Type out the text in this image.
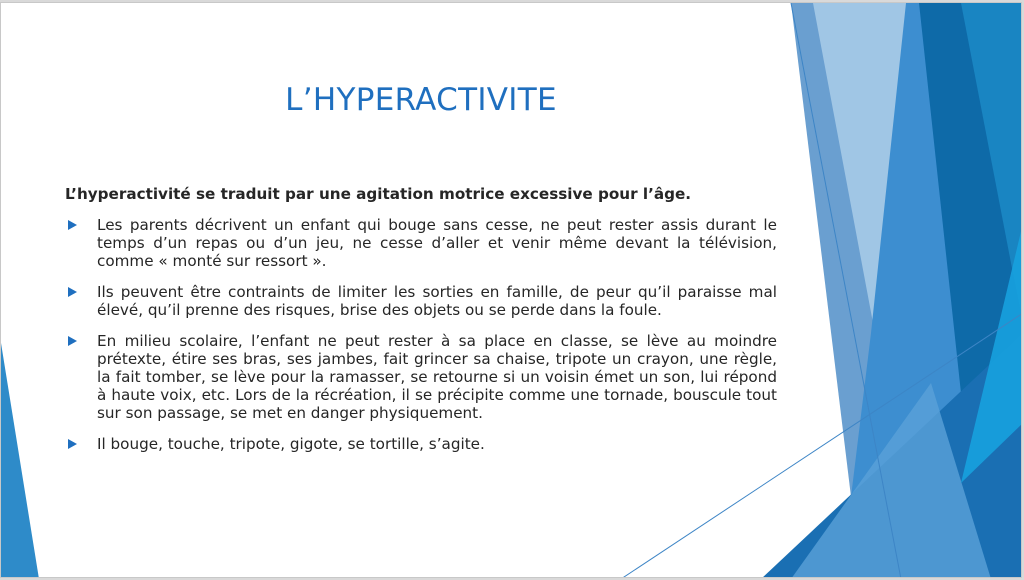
L’HYPERACTIVITE

L’hyperactivité se traduit par une agitation motrice excessive pour l’âge.

Les parents décrivent un enfant qui bouge sans cesse, ne peut rester assis durant le temps d’un repas ou d’un jeu, ne cesse d’aller et venir même devant la télévision, comme « monté sur ressort ».
Ils peuvent être contraints de limiter les sorties en famille, de peur qu’il paraisse mal élevé, qu’il prenne des risques, brise des objets ou se perde dans la foule.
En milieu scolaire, l’enfant ne peut rester à sa place en classe, se lève au moindre prétexte, étire ses bras, ses jambes, fait grincer sa chaise, tripote un crayon, une règle, la fait tomber, se lève pour la ramasser, se retourne si un voisin émet un son, lui répond à haute voix, etc. Lors de la récréation, il se précipite comme une tornade, bouscule tout sur son passage, se met en danger physiquement.
Il bouge, touche, tripote, gigote, se tortille, s’agite.
